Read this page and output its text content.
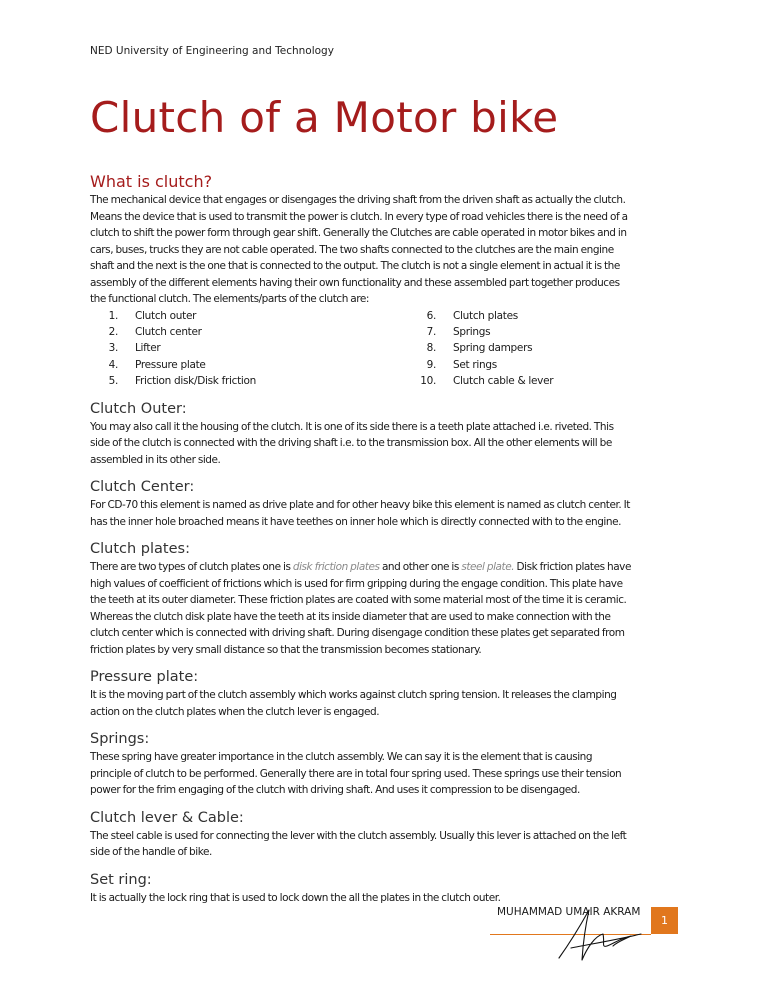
NED University of Engineering and Technology
Clutch of a Motor bike
What is clutch?

The mechanical device that engages or disengages the driving shaft from the driven shaft as actually the clutch.

Means the device that is used to transmit the power is clutch. In every type of road vehicles there is the need of a

clutch to shift the power form through gear shift. Generally the Clutches are cable operated in motor bikes and in

cars, buses, trucks they are not cable operated. The two shafts connected to the clutches are the main engine

shaft and the next is the one that is connected to the output. The clutch is not a single element in actual it is the

assembly of the different elements having their own functionality and these assembled part together produces

the functional clutch. The elements/parts of the clutch are:

1. Clutch outer
2. Clutch center
3. Lifter
4. Pressure plate
5. Friction disk/Disk friction
6. Clutch plates
7. Springs
8. Spring dampers
9. Set rings
10. Clutch cable & lever
Clutch Outer:

You may also call it the housing of the clutch. It is one of its side there is a teeth plate attached i.e. riveted. This

side of the clutch is connected with the driving shaft i.e. to the transmission box. All the other elements will be

assembled in its other side.

Clutch Center:

For CD-70 this element is named as drive plate and for other heavy bike this element is named as clutch center. It

has the inner hole broached means it have teethes on inner hole which is directly connected with to the engine.

Clutch plates:

There are two types of clutch plates one is disk friction plates and other one is steel plate. Disk friction plates have

high values of coefficient of frictions which is used for firm gripping during the engage condition. This plate have

the teeth at its outer diameter. These friction plates are coated with some material most of the time it is ceramic.

Whereas the clutch disk plate have the teeth at its inside diameter that are used to make connection with the

clutch center which is connected with driving shaft. During disengage condition these plates get separated from

friction plates by very small distance so that the transmission becomes stationary.

Pressure plate:

It is the moving part of the clutch assembly which works against clutch spring tension. It releases the clamping

action on the clutch plates when the clutch lever is engaged.

Springs:

These spring have greater importance in the clutch assembly. We can say it is the element that is causing

principle of clutch to be performed. Generally there are in total four spring used. These springs use their tension

power for the frim engaging of the clutch with driving shaft. And uses it compression to be disengaged.

Clutch lever & Cable:

The steel cable is used for connecting the lever with the clutch assembly. Usually this lever is attached on the left

side of the handle of bike.

Set ring:

It is actually the lock ring that is used to lock down the all the plates in the clutch outer.

MUHAMMAD UMAIR AKRAM
1
